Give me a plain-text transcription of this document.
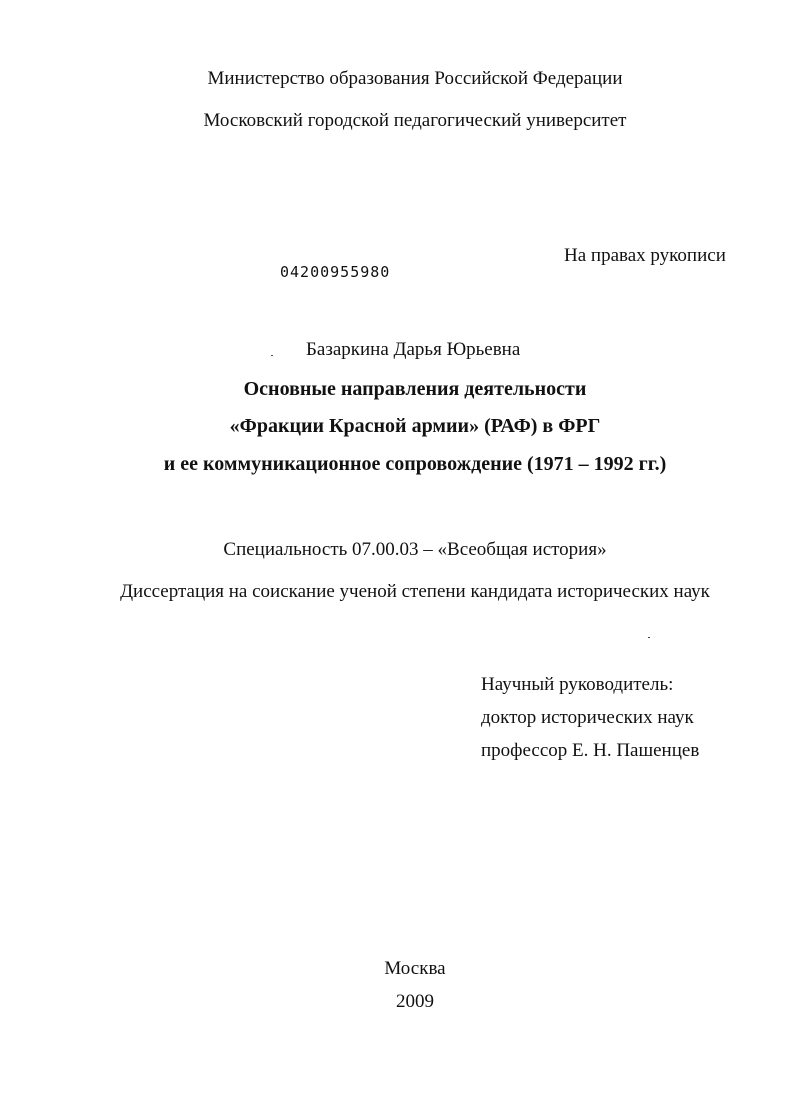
Министерство образования Российской Федерации
Московский городской педагогический университет
04200955980
На правах рукописи
Базаркина Дарья Юрьевна
Основные направления деятельности
«Фракции Красной армии» (РАФ) в ФРГ
и ее коммуникационное сопровождение (1971 – 1992 гг.)
Специальность 07.00.03 – «Всеобщая история»
Диссертация на соискание ученой степени кандидата исторических наук
Научный руководитель:
доктор исторических наук
профессор Е. Н. Пашенцев
Москва
2009
